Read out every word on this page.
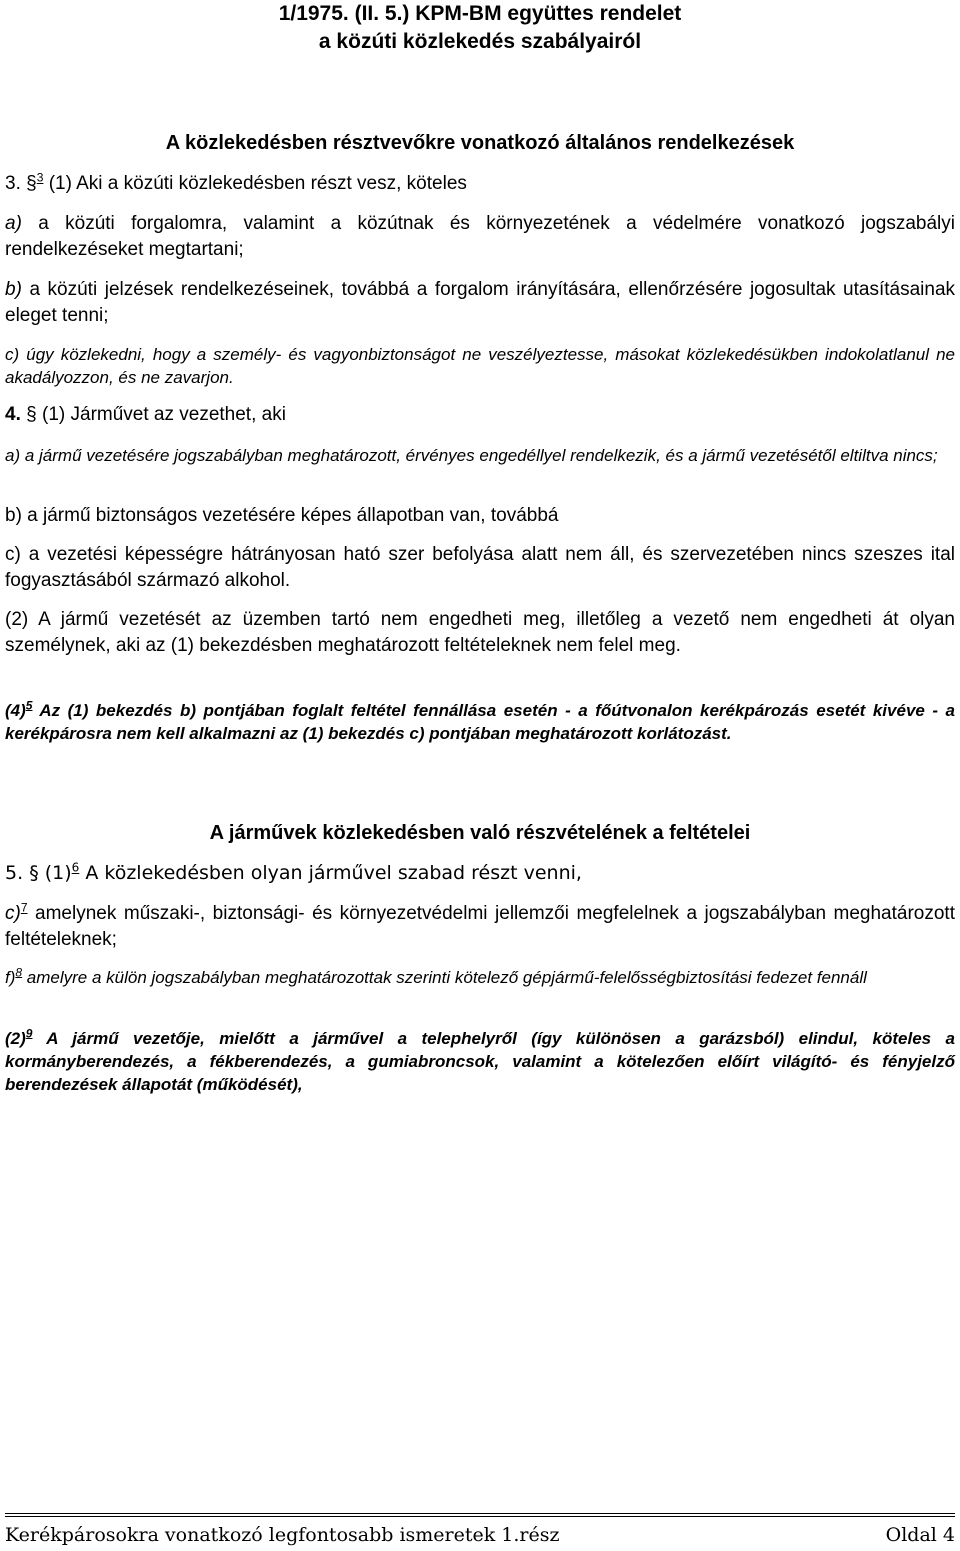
1/1975. (II. 5.) KPM-BM együttes rendelet
a közúti közlekedés szabályairól
A közlekedésben résztvevőkre vonatkozó általános rendelkezések
3. §$^3$ (1) Aki a közúti közlekedésben részt vesz, köteles
a) a közúti forgalomra, valamint a közútnak és környezetének a védelmére vonatkozó jogszabályi rendelkezéseket megtartani;
b) a közúti jelzések rendelkezéseinek, továbbá a forgalom irányítására, ellenőrzésére jogosultak utasításainak eleget tenni;
c) úgy közlekedni, hogy a személy- és vagyonbiztonságot ne veszélyeztesse, másokat közlekedésükben indokolatlanul ne akadályozzon, és ne zavarjon.
4. § (1) Járművet az vezethet, aki
a) a jármű vezetésére jogszabályban meghatározott, érvényes engedéllyel rendelkezik, és a jármű vezetésétől eltiltva nincs;
b) a jármű biztonságos vezetésére képes állapotban van, továbbá
c) a vezetési képességre hátrányosan ható szer befolyása alatt nem áll, és szervezetében nincs szeszes ital fogyasztásából származó alkohol.
(2) A jármű vezetését az üzemben tartó nem engedheti meg, illetőleg a vezető nem engedheti át olyan személynek, aki az (1) bekezdésben meghatározott feltételeknek nem felel meg.
(4)$^5$ Az (1) bekezdés b) pontjában foglalt feltétel fennállása esetén - a főútvonalon kerékpározás esetét kivéve - a kerékpárosra nem kell alkalmazni az (1) bekezdés c) pontjában meghatározott korlátozást.
A járművek közlekedésben való részvételének a feltételei
5. § (1)$^6$ A közlekedésben olyan járművel szabad részt venni,
c)$^7$ amelynek műszaki-, biztonsági- és környezetvédelmi jellemzői megfelelnek a jogszabályban meghatározott feltételeknek;
f)$^8$ amelyre a külön jogszabályban meghatározottak szerinti kötelező gépjármű-felelősségbiztosítási fedezet fennáll
(2)$^9$ A jármű vezetője, mielőtt a járművel a telephelyről (így különösen a garázsból) elindul, köteles a kormányberendezés, a fékberendezés, a gumiabroncsok, valamint a kötelezően előírt világító- és fényjelző berendezések állapotát (működését),
Kerékpárosokra vonatkozó legfontosabb ismeretek 1.rész	Oldal 4
